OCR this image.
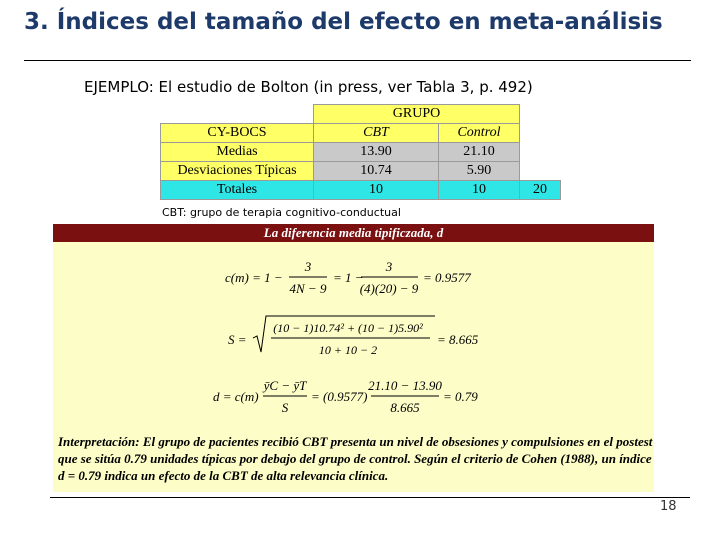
3. Índices del tamaño del efecto en meta-análisis
EJEMPLO: El estudio de Bolton (in press, ver Tabla 3, p. 492)
	GRUPO		
CY-BOCS	CBT	Control	
Medias	13.90	21.10	
Desviaciones Típicas	10.74	5.90	
Totales	10	10	20
CBT: grupo de terapia cognitivo-conductual
La diferencia media tipificzada, d
c(m) = 1 −
3
4N − 9
= 1 −
3
(4)(20) − 9
= 0.9577
S =
(10 − 1)10.74² + (10 − 1)5.90²
10 + 10 − 2
= 8.665
d = c(m)
ȳC − ȳT
S
= (0.9577)
21.10 − 13.90
8.665
= 0.79
Interpretación: El grupo de pacientes recibió CBT presenta un nivel de obsesiones y compulsiones en el postest que se sitúa 0.79 unidades típicas por debajo del grupo de control. Según el criterio de Cohen (1988), un índice d = 0.79 indica un efecto de la CBT de alta relevancia clínica.
18
